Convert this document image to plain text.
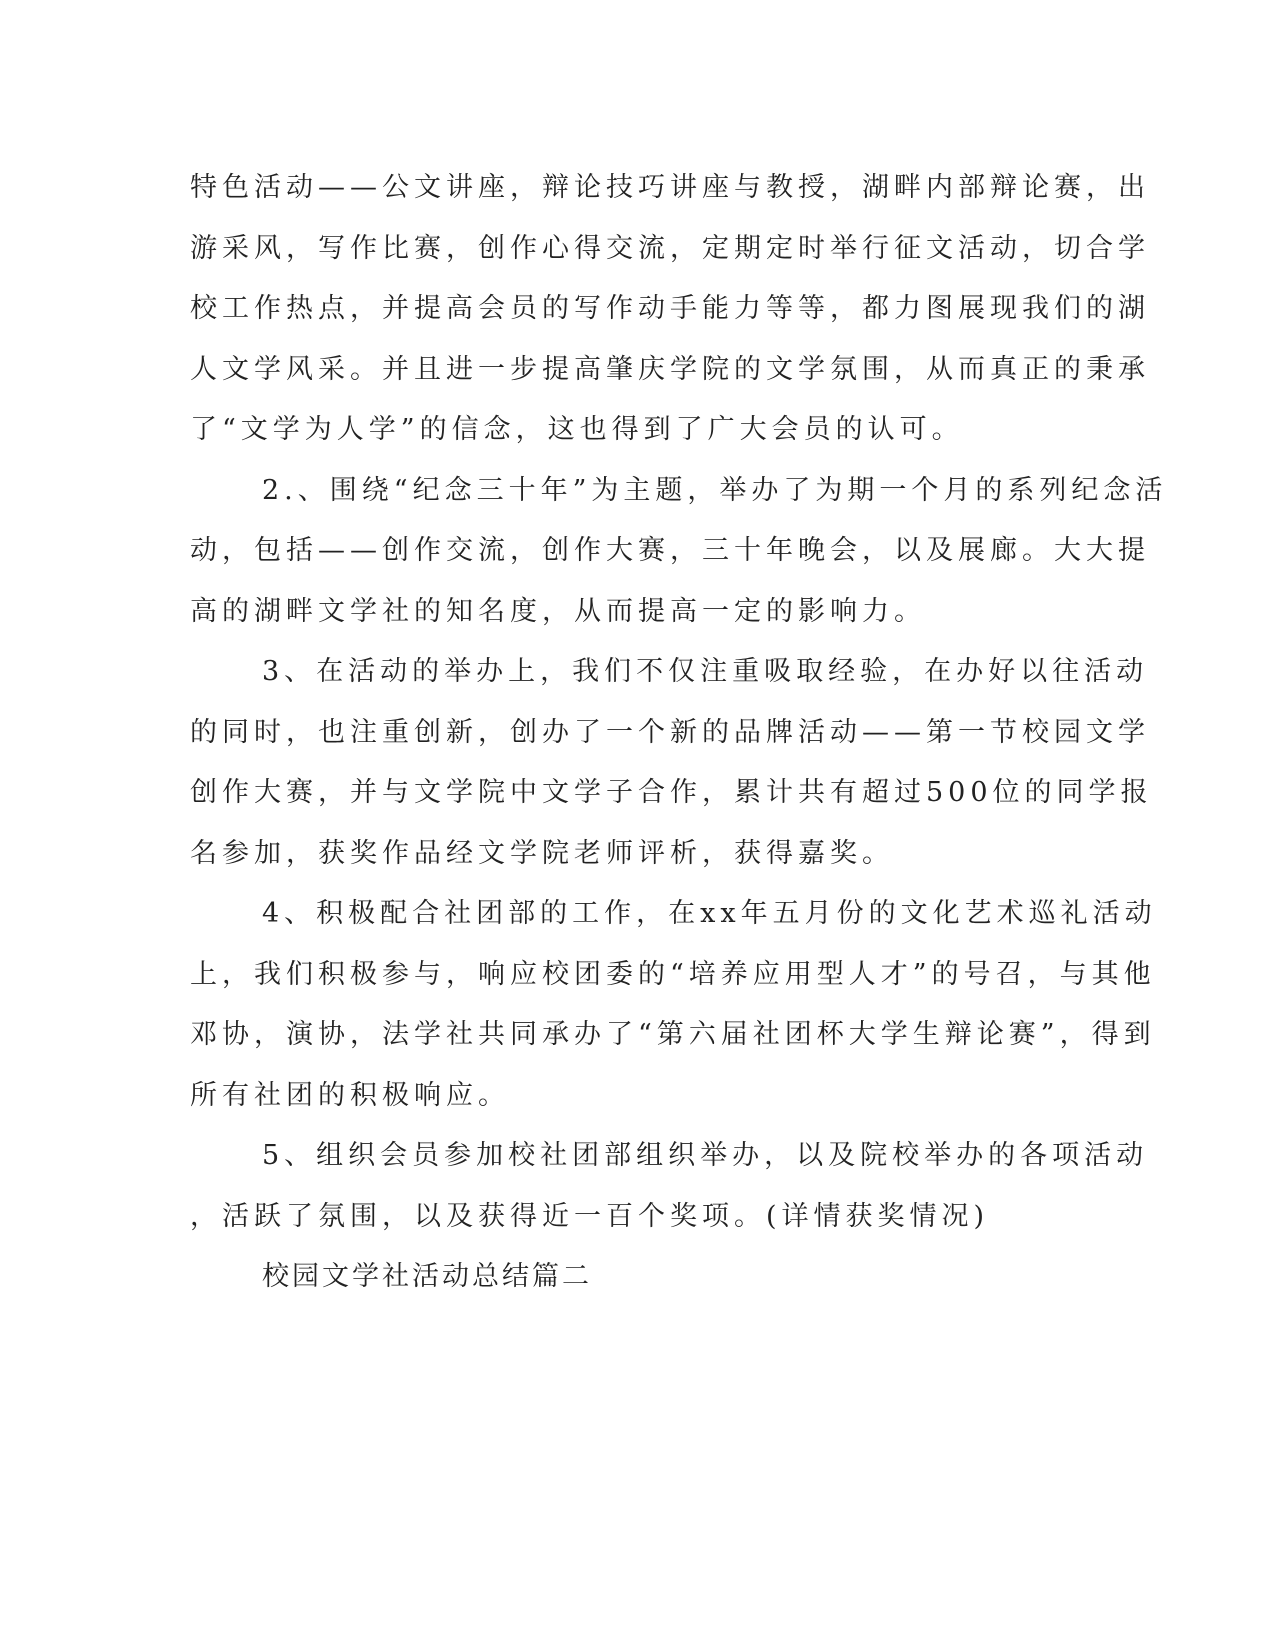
特色活动——公文讲座，辩论技巧讲座与教授，湖畔内部辩论赛，出
游采风，写作比赛，创作心得交流，定期定时举行征文活动，切合学
校工作热点，并提高会员的写作动手能力等等，都力图展现我们的湖
人文学风采。并且进一步提高肇庆学院的文学氛围，从而真正的秉承
了“文学为人学”的信念，这也得到了广大会员的认可。
2.、围绕“纪念三十年”为主题，举办了为期一个月的系列纪念活
动，包括——创作交流，创作大赛，三十年晚会，以及展廊。大大提
高的湖畔文学社的知名度，从而提高一定的影响力。
3、在活动的举办上，我们不仅注重吸取经验，在办好以往活动
的同时，也注重创新，创办了一个新的品牌活动——第一节校园文学
创作大赛，并与文学院中文学子合作，累计共有超过500位的同学报
名参加，获奖作品经文学院老师评析，获得嘉奖。
4、积极配合社团部的工作，在xx年五月份的文化艺术巡礼活动
上，我们积极参与，响应校团委的“培养应用型人才”的号召，与其他
邓协，演协，法学社共同承办了“第六届社团杯大学生辩论赛”，得到
所有社团的积极响应。
5、组织会员参加校社团部组织举办，以及院校举办的各项活动
，活跃了氛围，以及获得近一百个奖项。(详情获奖情况)
校园文学社活动总结篇二
